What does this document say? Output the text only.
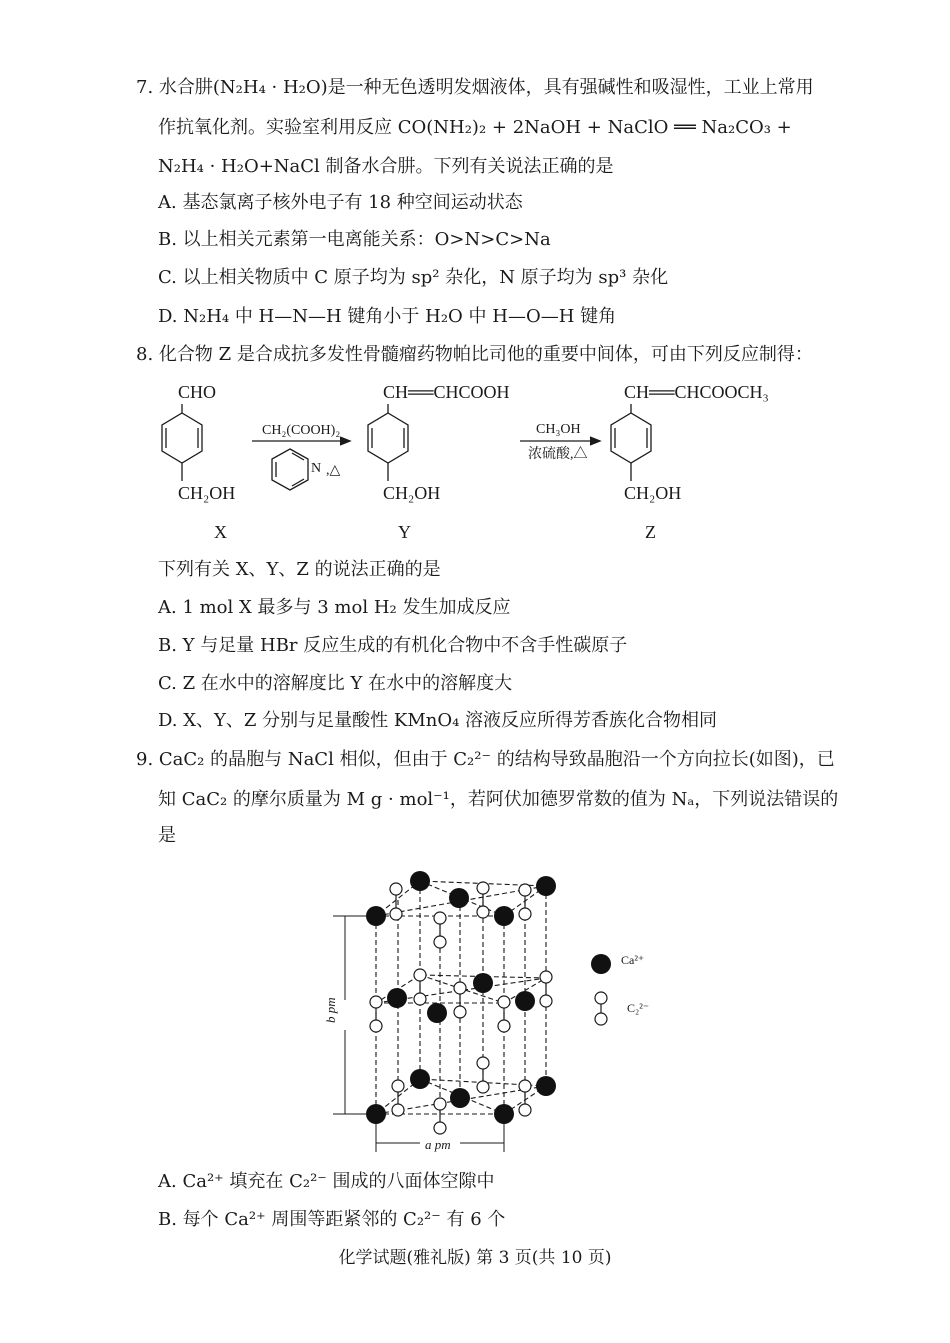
7. 水合肼(N₂H₄ · H₂O)是一种无色透明发烟液体，具有强碱性和吸湿性，工业上常用
作抗氧化剂。实验室利用反应 CO(NH₂)₂ + 2NaOH + NaClO ══ Na₂CO₃ +
N₂H₄ · H₂O+NaCl 制备水合肼。下列有关说法正确的是
A. 基态氯离子核外电子有 18 种空间运动状态
B. 以上相关元素第一电离能关系：O>N>C>Na
C. 以上相关物质中 C 原子均为 sp² 杂化，N 原子均为 sp³ 杂化
D. N₂H₄ 中 H—N—H 键角小于 H₂O 中 H—O—H 键角
8. 化合物 Z 是合成抗多发性骨髓瘤药物帕比司他的重要中间体，可由下列反应制得：
CHO
CH₂OH
X
CH══CHCOOH
CH₂OH
Y
CH══CHCOOCH₃
CH₂OH
Z
CH₂(COOH)₂
N ,△
CH₃OH
浓硫酸,△
下列有关 X、Y、Z 的说法正确的是
A. 1 mol X 最多与 3 mol H₂ 发生加成反应
B. Y 与足量 HBr 反应生成的有机化合物中不含手性碳原子
C. Z 在水中的溶解度比 Y 在水中的溶解度大
D. X、Y、Z 分别与足量酸性 KMnO₄ 溶液反应所得芳香族化合物相同
9. CaC₂ 的晶胞与 NaCl 相似，但由于 C₂²⁻ 的结构导致晶胞沿一个方向拉长(如图)，已
知 CaC₂ 的摩尔质量为 M g · mol⁻¹，若阿伏加德罗常数的值为 Nₐ，下列说法错误的
是
b pm
a pm
Ca²⁺
C₂²⁻
A. Ca²⁺ 填充在 C₂²⁻ 围成的八面体空隙中
B. 每个 Ca²⁺ 周围等距紧邻的 C₂²⁻ 有 6 个
化学试题(雅礼版) 第 3 页(共 10 页)
